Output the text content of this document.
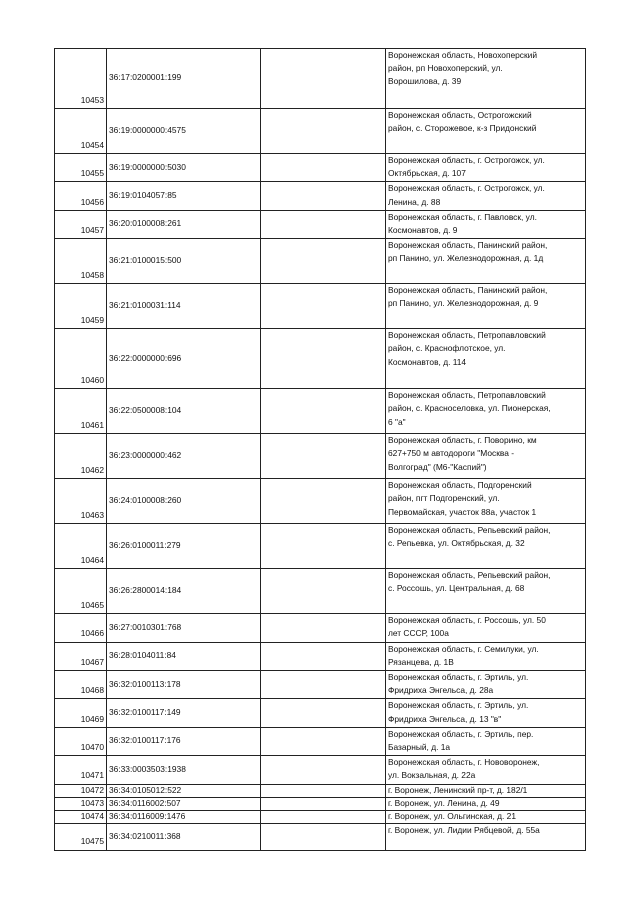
10453	36:17:0200001:199		Воронежская область, Новохоперский
район, рп Новохоперский, ул.
Ворошилова, д. 39
10454	36:19:0000000:4575		Воронежская область, Острогожский
район, с. Сторожевое, к-з Придонский
10455	36:19:0000000:5030		Воронежская область, г. Острогожск, ул.
Октябрьская, д. 107
10456	36:19:0104057:85		Воронежская область, г. Острогожск, ул.
Ленина, д. 88
10457	36:20:0100008:261		Воронежская область, г. Павловск, ул.
Космонавтов, д. 9
10458	36:21:0100015:500		Воронежская область, Панинский район,
рп Панино, ул. Железнодорожная, д. 1д
10459	36:21:0100031:114		Воронежская область, Панинский район,
рп Панино, ул. Железнодорожная, д. 9
10460	36:22:0000000:696		Воронежская область, Петропавловский
район, с. Краснофлотское, ул.
Космонавтов, д. 114
10461	36:22:0500008:104		Воронежская область, Петропавловский
район, с. Красноселовка, ул. Пионерская,
6 "а"
10462	36:23:0000000:462		Воронежская область, г. Поворино, км
627+750 м автодороги "Москва -
Волгоград" (М6-"Каспий")
10463	36:24:0100008:260		Воронежская область, Подгоренский
район, пгт Подгоренский, ул.
Первомайская, участок 88а, участок 1
10464	36:26:0100011:279		Воронежская область, Репьевский район,
с. Репьевка, ул. Октябрьская, д. 32
10465	36:26:2800014:184		Воронежская область, Репьевский район,
с. Россошь, ул. Центральная, д. 68
10466	36:27:0010301:768		Воронежская область, г. Россошь, ул. 50
лет СССР, 100а
10467	36:28:0104011:84		Воронежская область, г. Семилуки, ул.
Рязанцева, д. 1В
10468	36:32:0100113:178		Воронежская область, г. Эртиль, ул.
Фридриха Энгельса, д. 28а
10469	36:32:0100117:149		Воронежская область, г. Эртиль, ул.
Фридриха Энгельса, д. 13 "в"
10470	36:32:0100117:176		Воронежская область, г. Эртиль, пер.
Базарный, д. 1а
10471	36:33:0003503:1938		Воронежская область, г. Нововоронеж,
ул. Вокзальная, д. 22а
10472	36:34:0105012:522		г. Воронеж, Ленинский пр-т, д. 182/1
10473	36:34:0116002:507		г. Воронеж, ул. Ленина, д. 49
10474	36:34:0116009:1476		г. Воронеж, ул. Ольгинская, д. 21
10475	36:34:0210011:368		г. Воронеж, ул. Лидии Рябцевой, д. 55а
